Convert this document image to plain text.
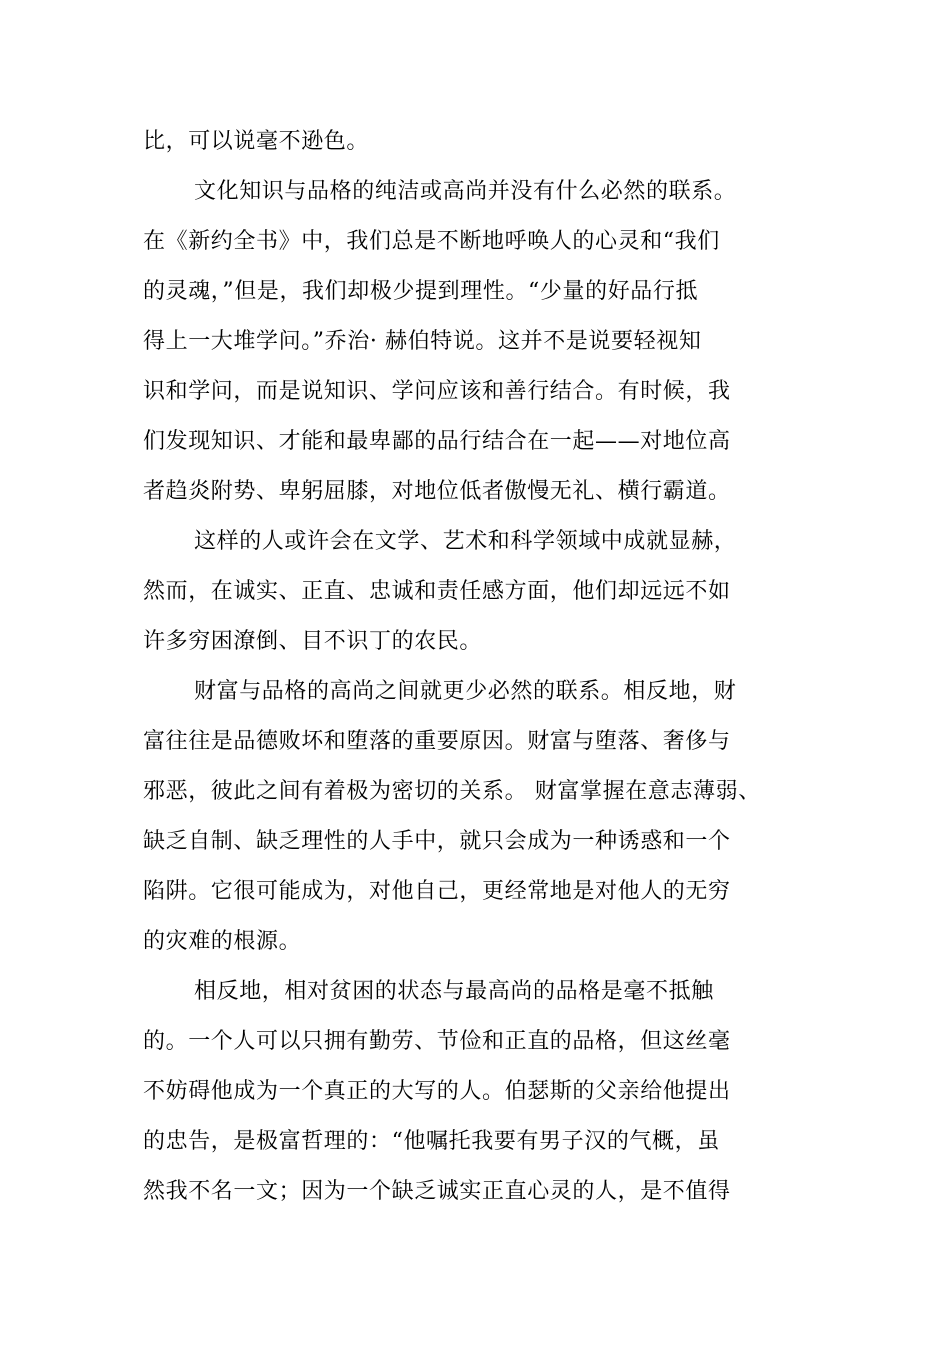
比，可以说毫不逊色。
文化知识与品格的纯洁或高尚并没有什么必然的联系。
在《新约全书》中，我们总是不断地呼唤人的心灵和“我们
的灵魂，”但是，我们却极少提到理性。“少量的好品行抵
得上一大堆学问。”乔治· 赫伯特说。这并不是说要轻视知
识和学问，而是说知识、学问应该和善行结合。有时候，我
们发现知识、才能和最卑鄙的品行结合在一起——对地位高
者趋炎附势、卑躬屈膝，对地位低者傲慢无礼、横行霸道。
这样的人或许会在文学、艺术和科学领域中成就显赫，
然而，在诚实、正直、忠诚和责任感方面，他们却远远不如
许多穷困潦倒、目不识丁的农民。
财富与品格的高尚之间就更少必然的联系。相反地，财
富往往是品德败坏和堕落的重要原因。财富与堕落、奢侈与
邪恶，彼此之间有着极为密切的关系。 财富掌握在意志薄弱、
缺乏自制、缺乏理性的人手中，就只会成为一种诱惑和一个
陷阱。它很可能成为，对他自己，更经常地是对他人的无穷
的灾难的根源。
相反地，相对贫困的状态与最高尚的品格是毫不抵触
的。一个人可以只拥有勤劳、节俭和正直的品格，但这丝毫
不妨碍他成为一个真正的大写的人。伯瑟斯的父亲给他提出
的忠告，是极富哲理的：“他嘱托我要有男子汉的气概，虽
然我不名一文；因为一个缺乏诚实正直心灵的人，是不值得
